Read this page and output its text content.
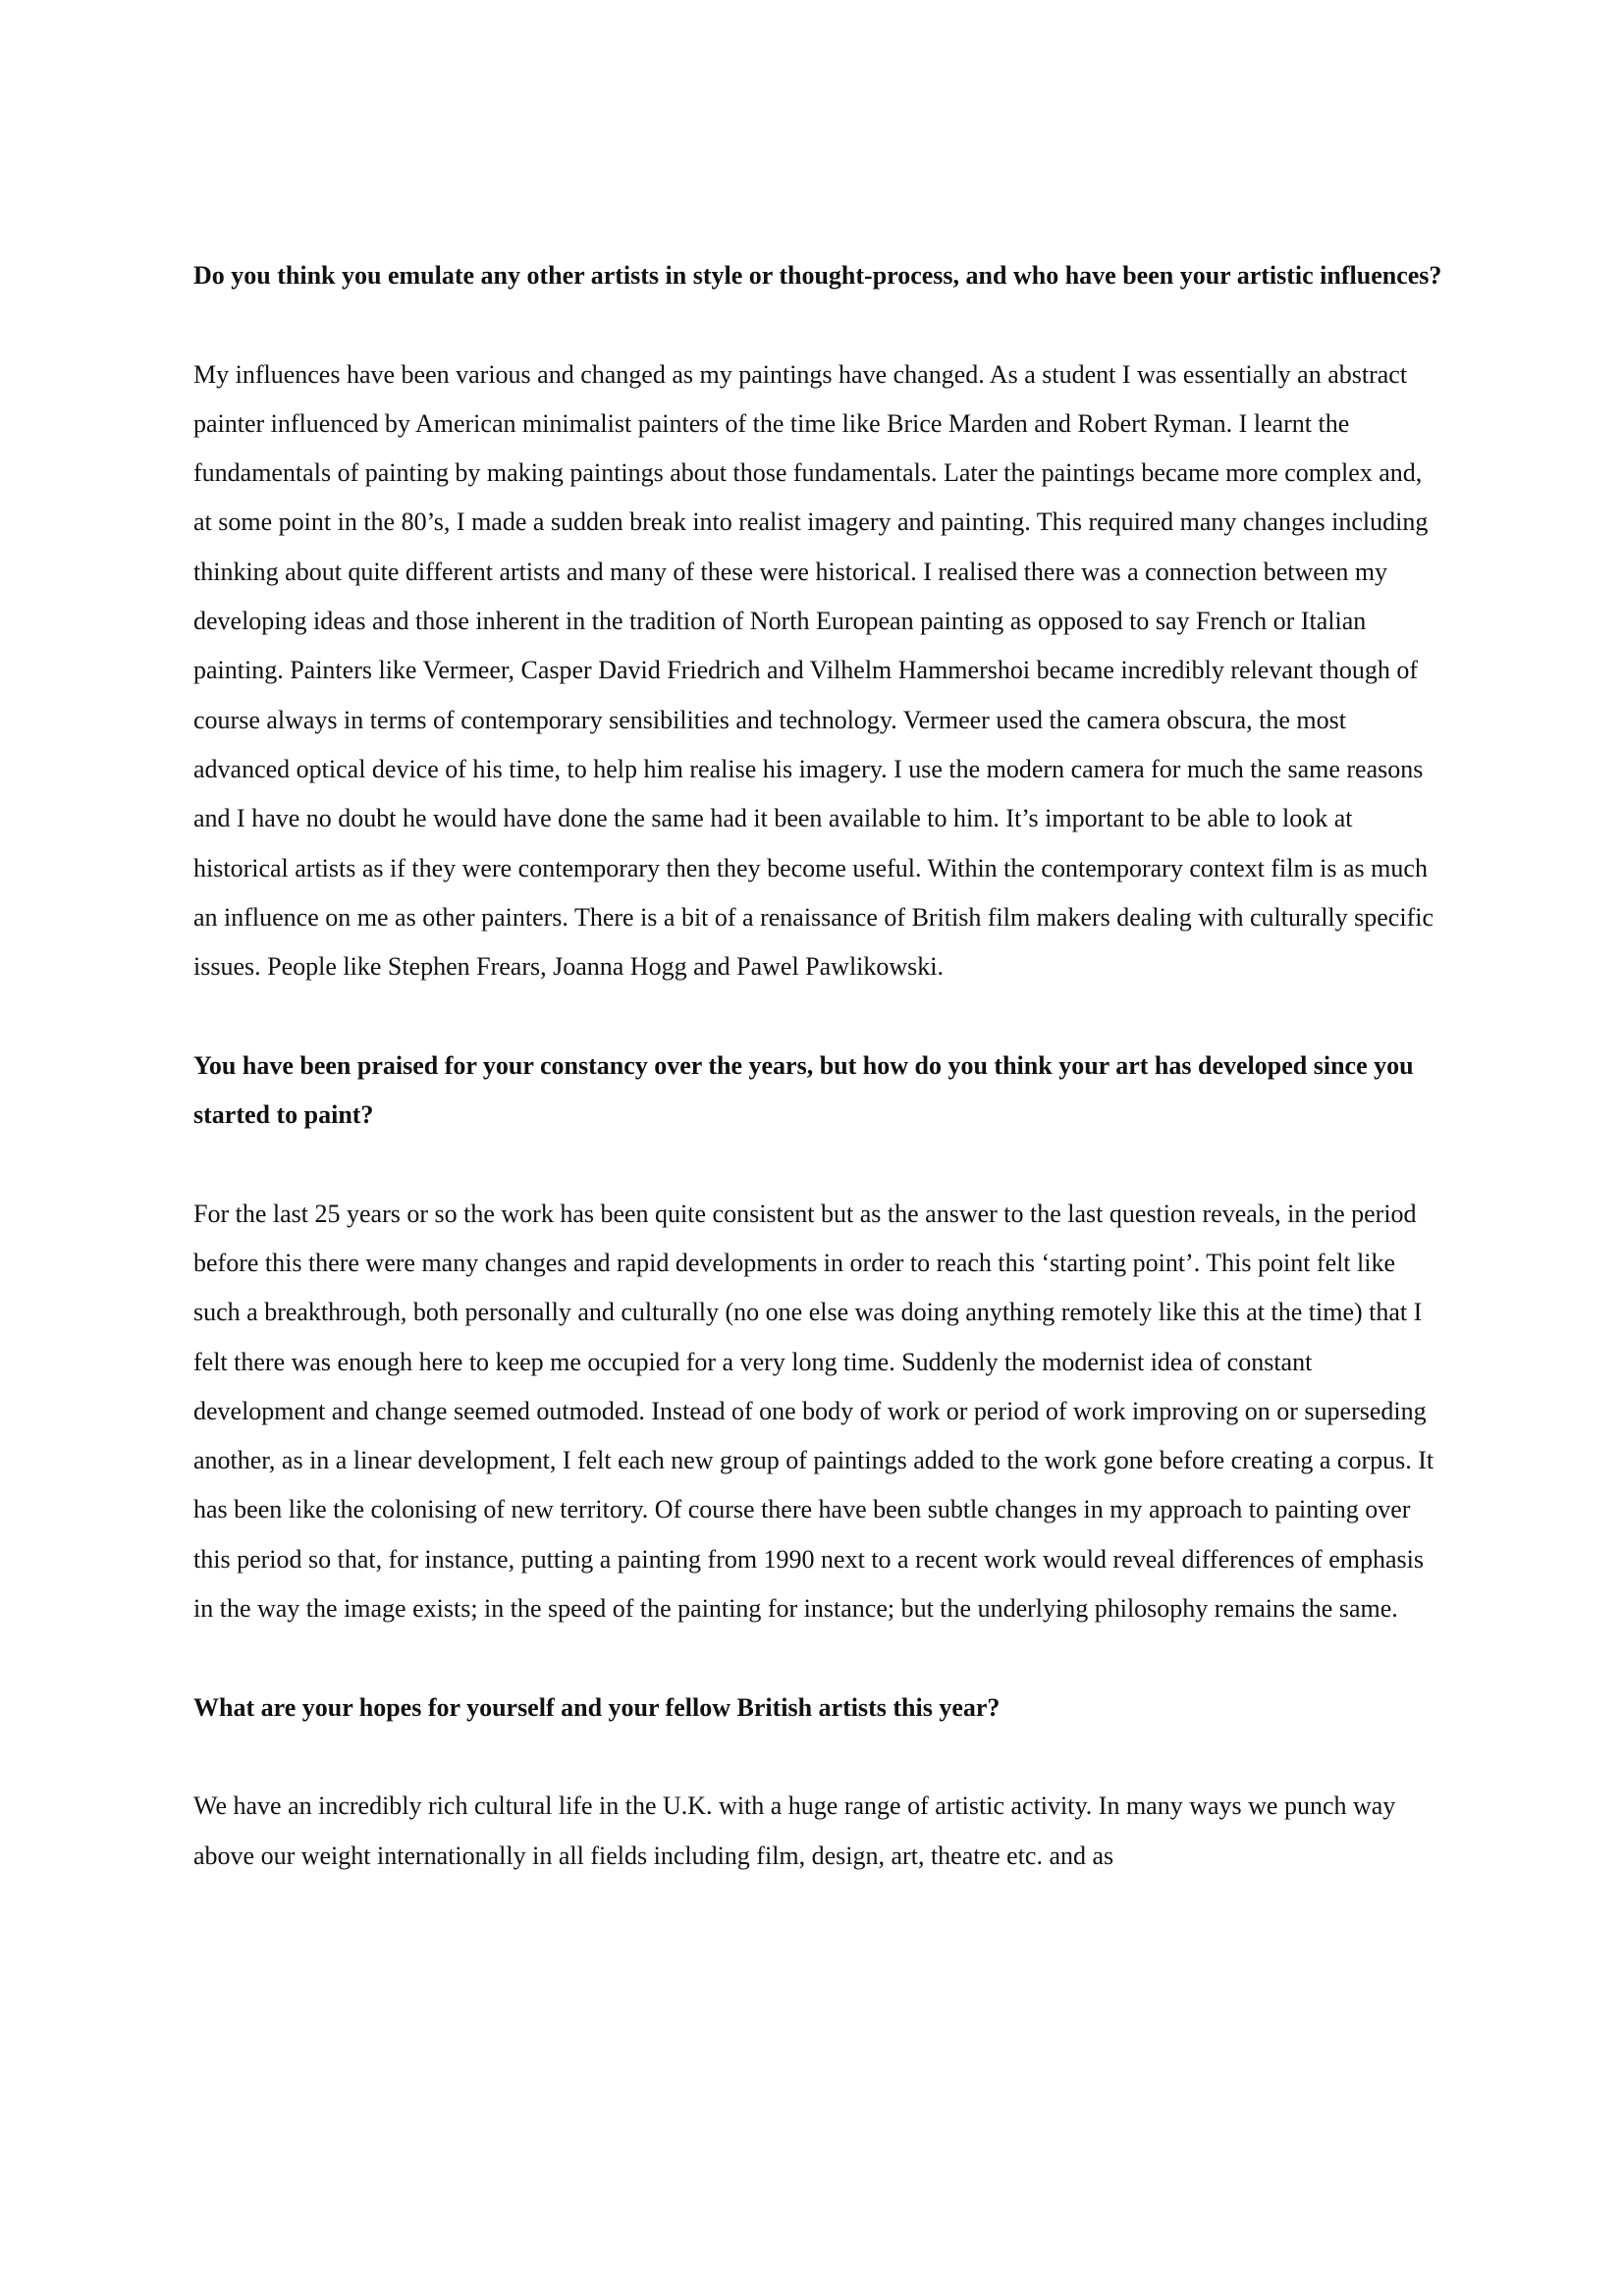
Do you think you emulate any other artists in style or thought-process, and who have been your artistic influences?

My influences have been various and changed as my paintings have changed. As a student I was essentially an abstract painter influenced by American minimalist painters of the time like Brice Marden and Robert Ryman. I learnt the fundamentals of painting by making paintings about those fundamentals. Later the paintings became more complex and, at some point in the 80’s, I made a sudden break into realist imagery and painting. This required many changes including thinking about quite different artists and many of these were historical. I realised there was a connection between my developing ideas and those inherent in the tradition of North European painting as opposed to say French or Italian painting. Painters like Vermeer, Casper David Friedrich and Vilhelm Hammershoi became incredibly relevant though of course always in terms of contemporary sensibilities and technology. Vermeer used the camera obscura, the most advanced optical device of his time, to help him realise his imagery. I use the modern camera for much the same reasons and I have no doubt he would have done the same had it been available to him. It’s important to be able to look at historical artists as if they were contemporary then they become useful. Within the contemporary context film is as much an influence on me as other painters. There is a bit of a renaissance of British film makers dealing with culturally specific issues. People like Stephen Frears, Joanna Hogg and Pawel Pawlikowski.

You have been praised for your constancy over the years, but how do you think your art has developed since you started to paint?

For the last 25 years or so the work has been quite consistent but as the answer to the last question reveals, in the period before this there were many changes and rapid developments in order to reach this ‘starting point’. This point felt like such a breakthrough, both personally and culturally (no one else was doing anything remotely like this at the time) that I felt there was enough here to keep me occupied for a very long time. Suddenly the modernist idea of constant development and change seemed outmoded. Instead of one body of work or period of work improving on or superseding another, as in a linear development, I felt each new group of paintings added to the work gone before creating a corpus. It has been like the colonising of new territory. Of course there have been subtle changes in my approach to painting over this period so that, for instance, putting a painting from 1990 next to a recent work would reveal differences of emphasis in the way the image exists; in the speed of the painting for instance; but the underlying philosophy remains the same.

What are your hopes for yourself and your fellow British artists this year?

We have an incredibly rich cultural life in the U.K. with a huge range of artistic activity. In many ways we punch way above our weight internationally in all fields including film, design, art, theatre etc. and as
